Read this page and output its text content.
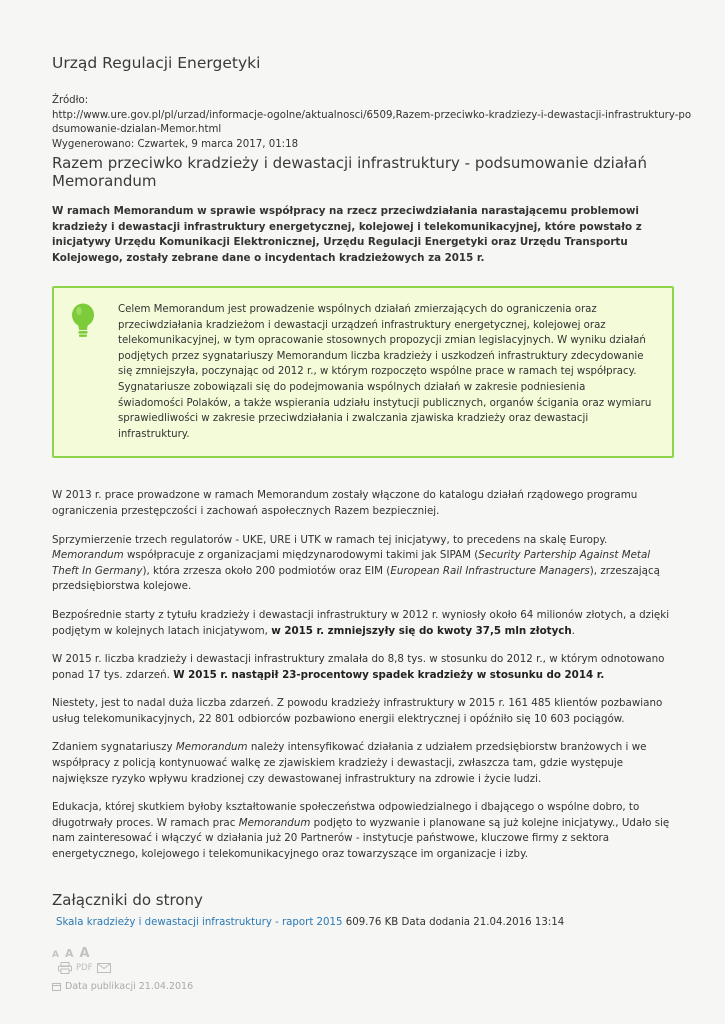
Urząd Regulacji Energetyki
Źródło:
http://www.ure.gov.pl/pl/urzad/informacje-ogolne/aktualnosci/6509,Razem-przeciwko-kradziezy-i-dewastacji-infrastruktury-po
dsumowanie-dzialan-Memor.html
Wygenerowano: Czwartek, 9 marca 2017, 01:18
Razem przeciwko kradzieży i dewastacji infrastruktury - podsumowanie działań Memorandum

W ramach Memorandum w sprawie współpracy na rzecz przeciwdziałania narastającemu problemowi kradzieży i dewastacji infrastruktury energetycznej, kolejowej i telekomunikacyjnej, które powstało z inicjatywy Urzędu Komunikacji Elektronicznej, Urzędu Regulacji Energetyki oraz Urzędu Transportu Kolejowego, zostały zebrane dane o incydentach kradzieżowych za 2015 r.

Celem Memorandum jest prowadzenie wspólnych działań zmierzających do ograniczenia oraz przeciwdziałania kradzieżom i dewastacji urządzeń infrastruktury energetycznej, kolejowej oraz telekomunikacyjnej, w tym opracowanie stosownych propozycji zmian legislacyjnych. W wyniku działań podjętych przez sygnatariuszy Memorandum liczba kradzieży i uszkodzeń infrastruktury zdecydowanie się zmniejszyła, poczynając od 2012 r., w którym rozpoczęto wspólne prace w ramach tej współpracy. Sygnatariusze zobowiązali się do podejmowania wspólnych działań w zakresie podniesienia świadomości Polaków, a także wspierania udziału instytucji publicznych, organów ścigania oraz wymiaru sprawiedliwości w zakresie przeciwdziałania i zwalczania zjawiska kradzieży oraz dewastacji infrastruktury.

W 2013 r. prace prowadzone w ramach Memorandum zostały włączone do katalogu działań rządowego programu ograniczenia przestępczości i zachowań aspołecznych Razem bezpieczniej.

Sprzymierzenie trzech regulatorów - UKE, URE i UTK w ramach tej inicjatywy, to precedens na skalę Europy. Memorandum współpracuje z organizacjami międzynarodowymi takimi jak SIPAM (Security Partership Against Metal Theft In Germany), która zrzesza około 200 podmiotów oraz EIM (European Rail Infrastructure Managers), zrzeszającą przedsiębiorstwa kolejowe.

Bezpośrednie starty z tytułu kradzieży i dewastacji infrastruktury w 2012 r. wyniosły około 64 milionów złotych, a dzięki podjętym w kolejnych latach inicjatywom, w 2015 r. zmniejszyły się do kwoty 37,5 mln złotych.

W 2015 r. liczba kradzieży i dewastacji infrastruktury zmalała do 8,8 tys. w stosunku do 2012 r., w którym odnotowano ponad 17 tys. zdarzeń. W 2015 r. nastąpił 23-procentowy spadek kradzieży w stosunku do 2014 r.

Niestety, jest to nadal duża liczba zdarzeń. Z powodu kradzieży infrastruktury w 2015 r. 161 485 klientów pozbawiano usług telekomunikacyjnych, 22 801 odbiorców pozbawiono energii elektrycznej i opóźniło się 10 603 pociągów.

Zdaniem sygnatariuszy Memorandum należy intensyfikować działania z udziałem przedsiębiorstw branżowych i we współpracy z policją kontynuować walkę ze zjawiskiem kradzieży i dewastacji, zwłaszcza tam, gdzie występuje największe ryzyko wpływu kradzionej czy dewastowanej infrastruktury na zdrowie i życie ludzi.

Edukacja, której skutkiem byłoby kształtowanie społeczeństwa odpowiedzialnego i dbającego o wspólne dobro, to długotrwały proces. W ramach prac Memorandum podjęto to wyzwanie i planowane są już kolejne inicjatywy., Udało się nam zainteresować i włączyć w działania już 20 Partnerów - instytucje państwowe, kluczowe firmy z sektora energetycznego, kolejowego i telekomunikacyjnego oraz towarzyszące im organizacje i izby.

Załączniki do strony
Skala kradzieży i dewastacji infrastruktury - raport 2015 609.76 KB Data dodania 21.04.2016 13:14
A A A
PDF
Data publikacji 21.04.2016
